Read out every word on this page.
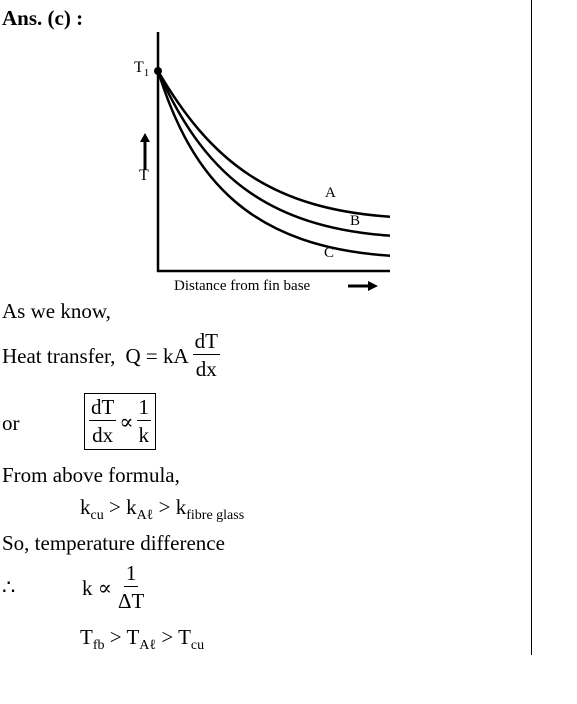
Ans. (c) :
$T_1$
T
A
B
C
Distance from fin base
As we know,
Heat transfer, Q = kA $\frac{dT}{dx}$
or	$\frac{dT}{dx} \propto \frac{1}{k}$
From above formula,
$k_{cu} > k_{A\ell} > k_{fibre glass}$
So, temperature difference
∴	$k \propto \frac{1}{\Delta T}$
$T_{fb} > T_{A\ell} > T_{cu}$
